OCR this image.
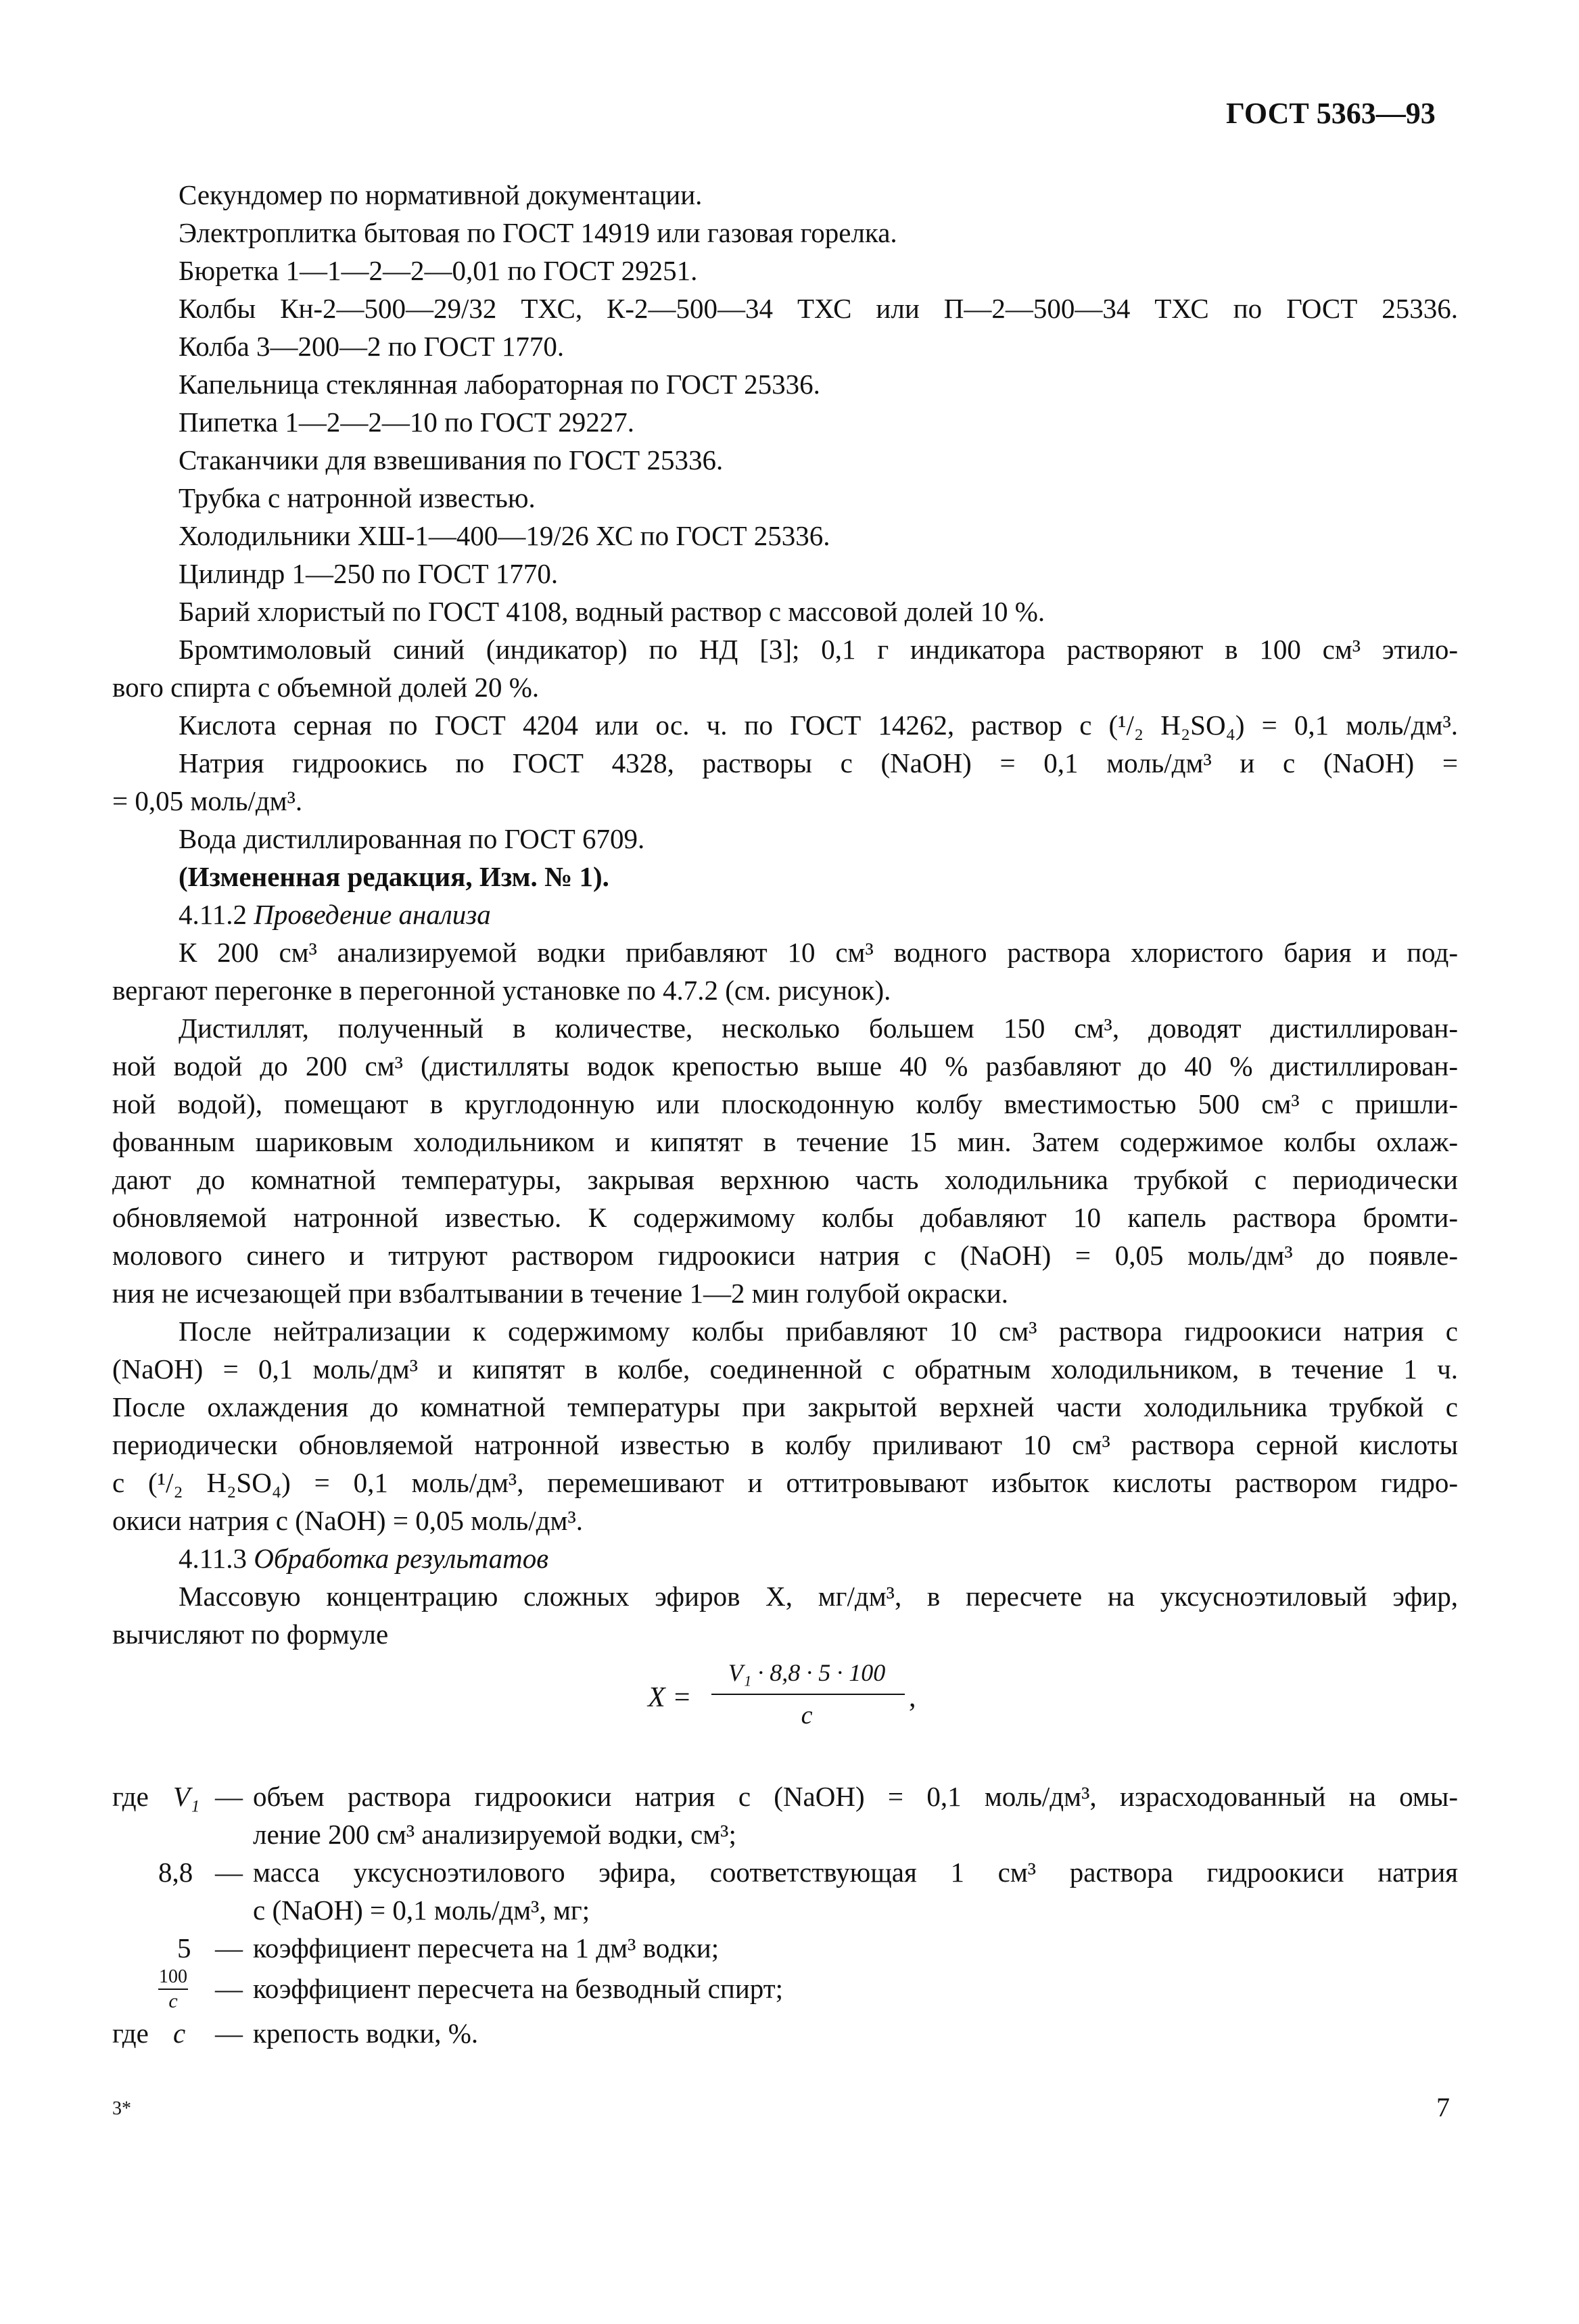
ГОСТ 5363—93
Секундомер по нормативной документации.
Электроплитка бытовая по ГОСТ 14919 или газовая горелка.
Бюретка 1—1—2—2—0,01 по ГОСТ 29251.
Колбы Кн-2—500—29/32 ТХС, К-2—500—34 ТХС или П—2—500—34 ТХС по ГОСТ 25336.
Колба 3—200—2 по ГОСТ 1770.
Капельница стеклянная лабораторная по ГОСТ 25336.
Пипетка 1—2—2—10 по ГОСТ 29227.
Стаканчики для взвешивания по ГОСТ 25336.
Трубка с натронной известью.
Холодильники ХШ-1—400—19/26 ХС по ГОСТ 25336.
Цилиндр 1—250 по ГОСТ 1770.
Барий хлористый по ГОСТ 4108, водный раствор с массовой долей 10 %.
Бромтимоловый синий (индикатор) по НД [3]; 0,1 г индикатора растворяют в 100 см³ этило-
вого спирта с объемной долей 20 %.
Кислота серная по ГОСТ 4204 или ос. ч. по ГОСТ 14262, раствор c (¹/₂ H₂SO₄) = 0,1 моль/дм³.
Натрия гидроокись по ГОСТ 4328, растворы c (NaOH) = 0,1 моль/дм³ и c (NaOH) =
= 0,05 моль/дм³.
Вода дистиллированная по ГОСТ 6709.
(Измененная редакция, Изм. № 1).
4.11.2 Проведение анализа
К 200 см³ анализируемой водки прибавляют 10 см³ водного раствора хлористого бария и под-
вергают перегонке в перегонной установке по 4.7.2 (см. рисунок).
Дистиллят, полученный в количестве, несколько большем 150 см³, доводят дистиллирован-
ной водой до 200 см³ (дистилляты водок крепостью выше 40 % разбавляют до 40 % дистиллирован-
ной водой), помещают в круглодонную или плоскодонную колбу вместимостью 500 см³ с пришли-
фованным шариковым холодильником и кипятят в течение 15 мин. Затем содержимое колбы охлаж-
дают до комнатной температуры, закрывая верхнюю часть холодильника трубкой с периодически
обновляемой натронной известью. К содержимому колбы добавляют 10 капель раствора бромти-
молового синего и титруют раствором гидроокиси натрия c (NaOH) = 0,05 моль/дм³ до появле-
ния не исчезающей при взбалтывании в течение 1—2 мин голубой окраски.
После нейтрализации к содержимому колбы прибавляют 10 см³ раствора гидроокиси натрия c
(NaOH) = 0,1 моль/дм³ и кипятят в колбе, соединенной с обратным холодильником, в течение 1 ч.
После охлаждения до комнатной температуры при закрытой верхней части холодильника трубкой с
периодически обновляемой натронной известью в колбу приливают 10 см³ раствора серной кислоты
c (¹/₂ H₂SO₄) = 0,1 моль/дм³, перемешивают и оттитровывают избыток кислоты раствором гидро-
окиси натрия c (NaOH) = 0,05 моль/дм³.
4.11.3 Обработка результатов
Массовую концентрацию сложных эфиров X, мг/дм³, в пересчете на уксусноэтиловый эфир,
вычисляют по формуле
X =
V₁ · 8,8 · 5 · 100
c
,
где V₁ — объем раствора гидроокиси натрия c (NaOH) = 0,1 моль/дм³, израсходованный на омы-
ление 200 см³ анализируемой водки, см³;
8,8 — масса уксусноэтилового эфира, соответствующая 1 см³ раствора гидроокиси натрия
c (NaOH) = 0,1 моль/дм³, мг;
5 — коэффициент пересчета на 1 дм³ водки;
100
c	— коэффициент пересчета на безводный спирт;
где c — крепость водки, %.
3*	7
